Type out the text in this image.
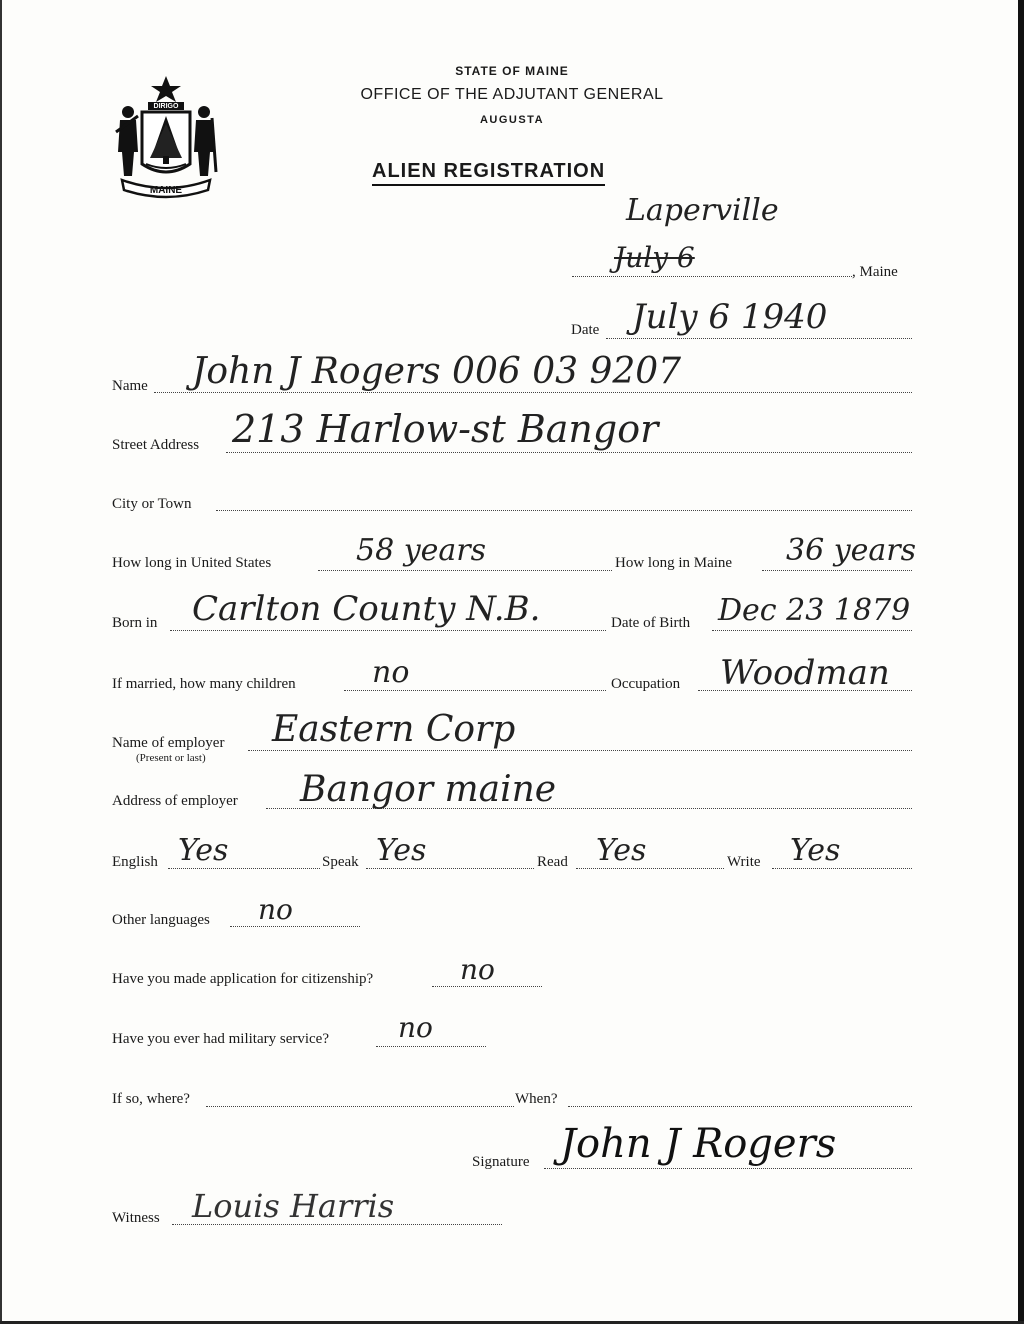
MAINE
DIRIGO
STATE OF MAINE
OFFICE OF THE ADJUTANT GENERAL
AUGUSTA
ALIEN REGISTRATION
Laperville
July 6	, Maine
Date July 6 1940
Name John J Rogers 006 03 9207
Street Address 213 Harlow-st Bangor
City or Town
How long in United States	58 years	How long in Maine 36 years
Born in Carlton County N.B.	Date of Birth Dec 23 1879
If married, how many children	no	Occupation Woodman
Name of employer
(Present or last)
Eastern Corp
Address of employer Bangor maine
English Yes	Speak Yes	Read Yes	Write Yes
Other languages no
Have you made application for citizenship?	no
Have you ever had military service? no
If so, where?	When?
Signature John J Rogers
Witness Louis Harris
